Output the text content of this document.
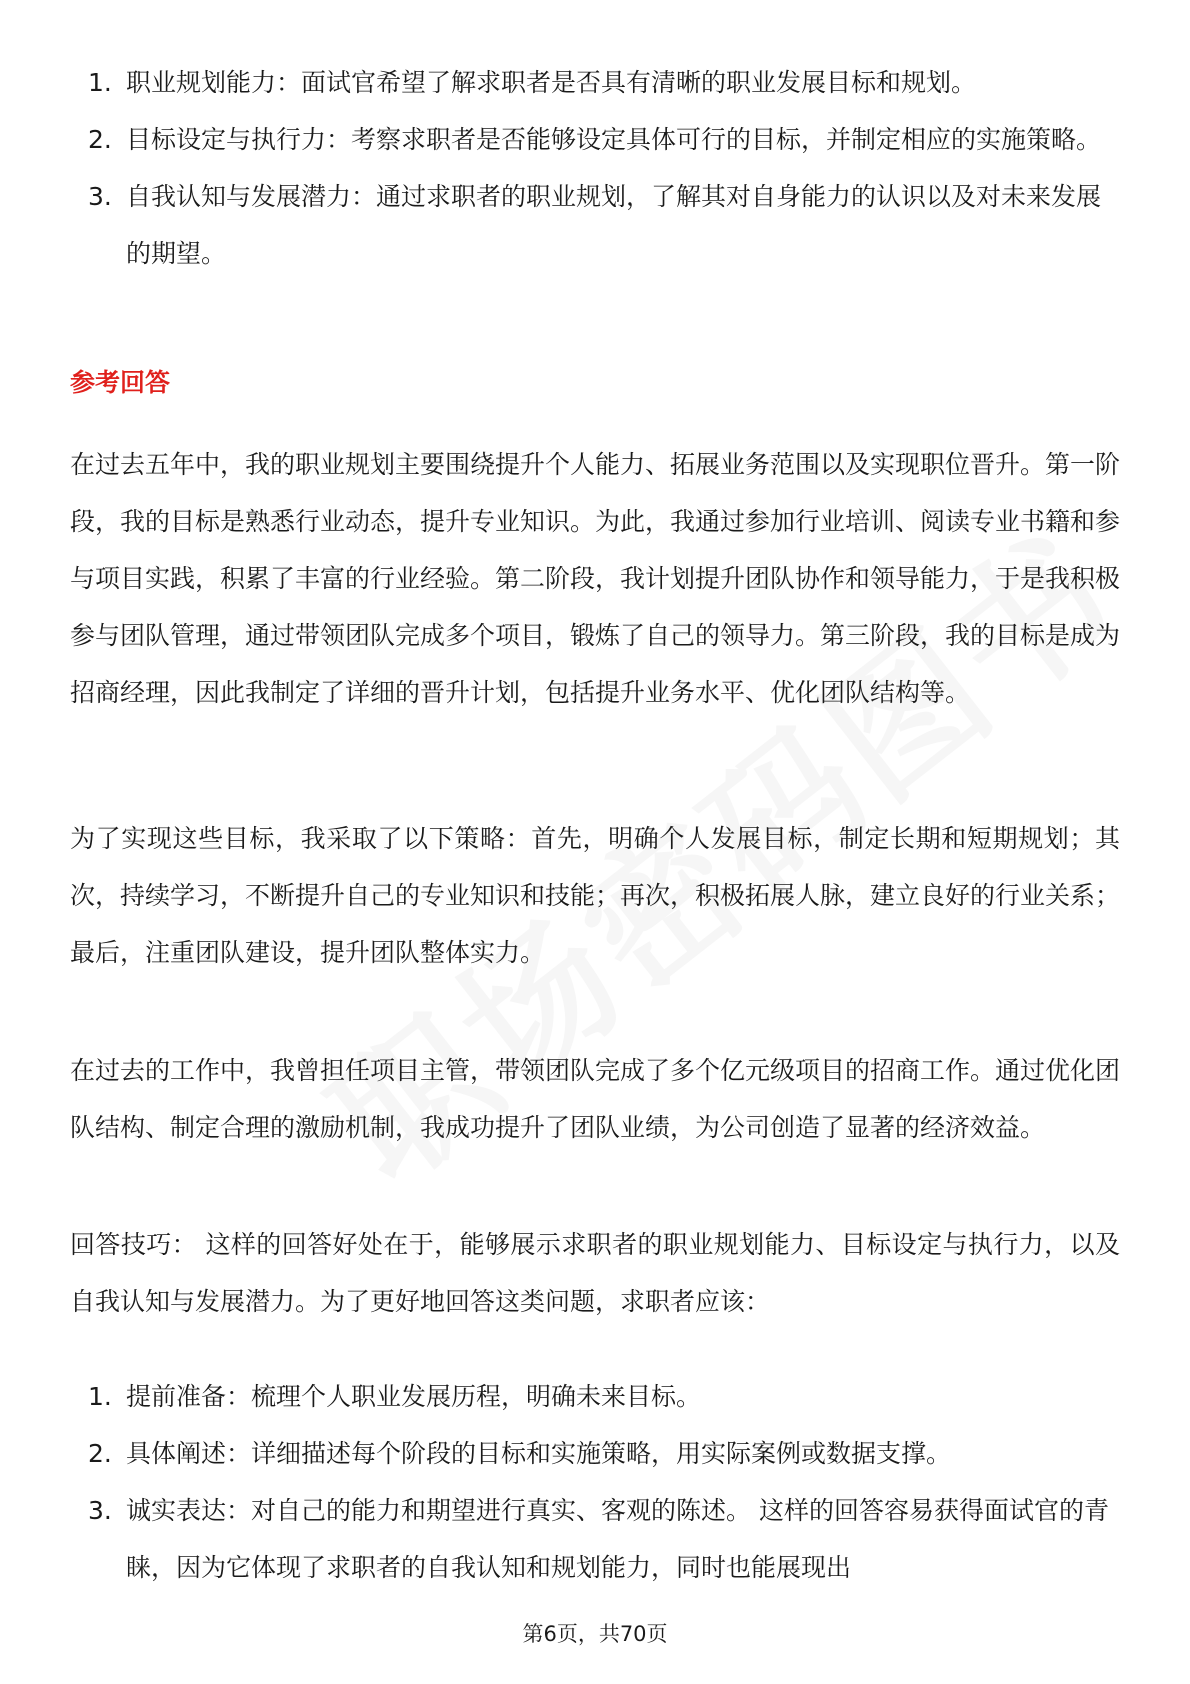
1. 职业规划能力：面试官希望了解求职者是否具有清晰的职业发展目标和规划。
2. 目标设定与执行力：考察求职者是否能够设定具体可行的目标，并制定相应的实施策略。
3. 自我认知与发展潜力：通过求职者的职业规划，了解其对自身能力的认识以及对未来发展的期望。
参考回答

在过去五年中，我的职业规划主要围绕提升个人能力、拓展业务范围以及实现职位晋升。第一阶段，我的目标是熟悉行业动态，提升专业知识。为此，我通过参加行业培训、阅读专业书籍和参与项目实践，积累了丰富的行业经验。第二阶段，我计划提升团队协作和领导能力，于是我积极参与团队管理，通过带领团队完成多个项目，锻炼了自己的领导力。第三阶段，我的目标是成为招商经理，因此我制定了详细的晋升计划，包括提升业务水平、优化团队结构等。

为了实现这些目标，我采取了以下策略：首先，明确个人发展目标，制定长期和短期规划；其次，持续学习，不断提升自己的专业知识和技能；再次，积极拓展人脉，建立良好的行业关系；最后，注重团队建设，提升团队整体实力。

在过去的工作中，我曾担任项目主管，带领团队完成了多个亿元级项目的招商工作。通过优化团队结构、制定合理的激励机制，我成功提升了团队业绩，为公司创造了显著的经济效益。

回答技巧： 这样的回答好处在于，能够展示求职者的职业规划能力、目标设定与执行力，以及自我认知与发展潜力。为了更好地回答这类问题，求职者应该：

1. 提前准备：梳理个人职业发展历程，明确未来目标。
2. 具体阐述：详细描述每个阶段的目标和实施策略，用实际案例或数据支撑。
3. 诚实表达：对自己的能力和期望进行真实、客观的陈述。 这样的回答容易获得面试官的青睐，因为它体现了求职者的自我认知和规划能力，同时也能展现出
第6页，共70页
